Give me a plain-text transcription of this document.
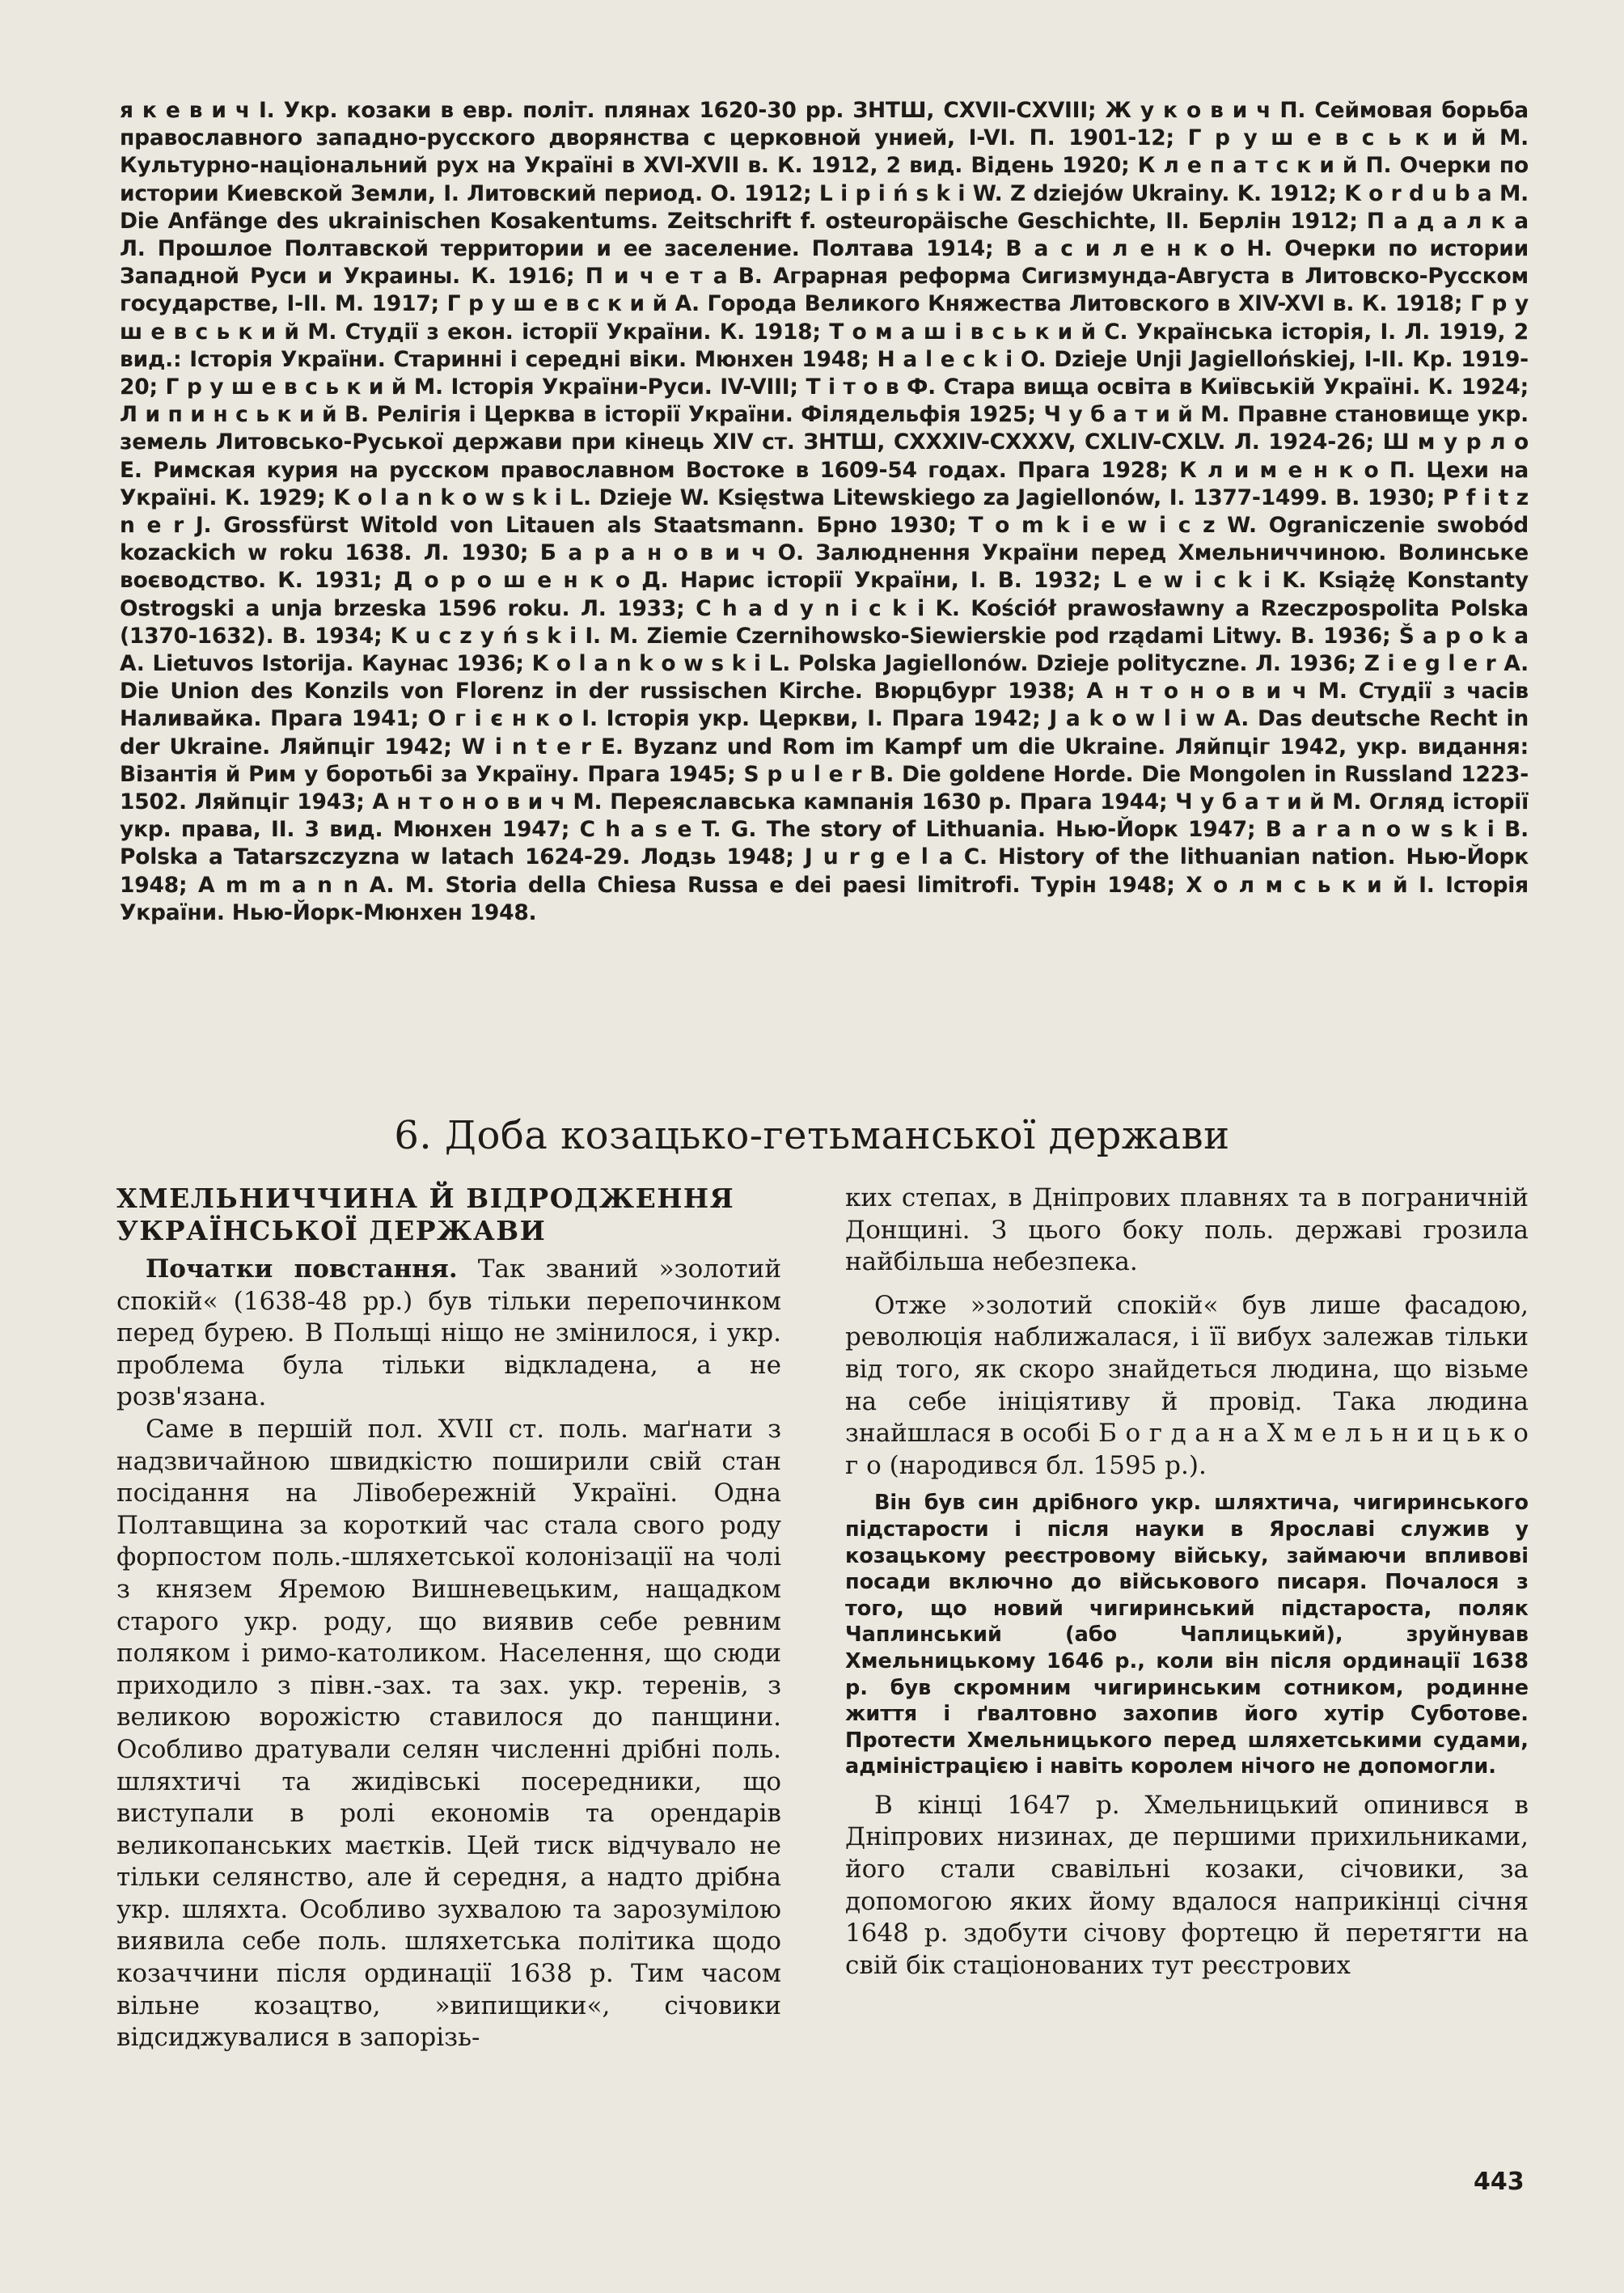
я к е в и ч І. Укр. козаки в евр. політ. плянах 1620-30 рр. ЗНТШ, CXVII-CXVIII; Ж у к о в и ч П. Сеймовая борьба православного западно-русского дворянства с церковной унией, I-VI. П. 1901-12; Г р у ш е в с ь к и й М. Культурно-національний рух на Україні в XVI-XVII в. К. 1912, 2 вид. Відень 1920; К л е п а т с к и й П. Очерки по истории Киевской Земли, I. Литовский период. О. 1912; L i p i ń s k i W. Z dziejów Ukrainy. K. 1912; K o r d u b a M. Die Anfänge des ukrainischen Kosakentums. Zeitschrift f. osteuropäische Geschichte, II. Берлін 1912; П а д а л к а Л. Прошлое Полтавской территории и ее заселение. Полтава 1914; В а с и л е н к о Н. Очерки по истории Западной Руси и Украины. К. 1916; П и ч е т а В. Аграрная реформа Сигизмунда-Августа в Литовско-Русском государстве, I-II. М. 1917; Г р у ш е в с к и й А. Города Великого Княжества Литовского в XIV-XVI в. К. 1918; Г р у ш е в с ь к и й М. Студії з екон. історії України. К. 1918; Т о м а ш і в с ь к и й С. Українська історія, І. Л. 1919, 2 вид.: Історія України. Старинні і середні віки. Мюнхен 1948; H a l e c k i O. Dzieje Unji Jagiellońskiej, I-II. Кр. 1919-20; Г р у ш е в с ь к и й М. Історія України-Руси. IV-VIII; Т і т о в Ф. Стара вища освіта в Київській Україні. К. 1924; Л и п и н с ь к и й В. Релігія і Церква в історії України. Філядельфія 1925; Ч у б а т и й М. Правне становище укр. земель Литовсько-Руської держави при кінець XIV ст. ЗНТШ, CXXXIV-CXXXV, CXLIV-CXLV. Л. 1924-26; Ш м у р л о Е. Римская курия на русском православном Востоке в 1609-54 годах. Прага 1928; К л и м е н к о П. Цехи на Україні. К. 1929; K o l a n k o w s k i L. Dzieje W. Księstwa Litewskiego za Jagiellonów, I. 1377-1499. В. 1930; P f i t z n e r J. Grossfürst Witold von Litauen als Staatsmann. Брно 1930; T o m k i e w i c z W. Ograniczenie swobód kozackich w roku 1638. Л. 1930; Б а р а н о в и ч О. Залюднення України перед Хмельниччиною. Волинське воєводство. К. 1931; Д о р о ш е н к о Д. Нарис історії України, I. В. 1932; L e w i c k i K. Książę Konstanty Ostrogski a unja brzeska 1596 roku. Л. 1933; C h a d y n i c k i K. Kościół prawosławny a Rzeczpospolita Polska (1370-1632). В. 1934; K u c z y ń s k i I. M. Ziemie Czernihowsko-Siewierskie pod rządami Litwy. В. 1936; Š a p o k a A. Lietuvos Istorija. Каунас 1936; K o l a n k o w s k i L. Polska Jagiellonów. Dzieje polityczne. Л. 1936; Z i e g l e r A. Die Union des Konzils von Florenz in der russischen Kirche. Вюрцбург 1938; А н т о н о в и ч М. Студії з часів Наливайка. Прага 1941; О г і є н к о І. Історія укр. Церкви, І. Прага 1942; J a k o w l i w A. Das deutsche Recht in der Ukraine. Ляйпціг 1942; W i n t e r E. Byzanz und Rom im Kampf um die Ukraine. Ляйпціг 1942, укр. видання: Візантія й Рим у боротьбі за Україну. Прага 1945; S p u l e r B. Die goldene Horde. Die Mongolen in Russland 1223-1502. Ляйпціг 1943; А н т о н о в и ч М. Переяславська кампанія 1630 р. Прага 1944; Ч у б а т и й М. Огляд історії укр. права, II. 3 вид. Мюнхен 1947; C h a s e T. G. The story of Lithuania. Нью-Йорк 1947; B a r a n o w s k i B. Polska a Tatarszczyzna w latach 1624-29. Лодзь 1948; J u r g e l a C. History of the lithuanian nation. Нью-Йорк 1948; A m m a n n A. M. Storia della Chiesa Russa e dei paesi limitrofi. Турін 1948; Х о л м с ь к и й І. Історія України. Нью-Йорк-Мюнхен 1948.
6. Доба козацько-гетьманської держави
ХМЕЛЬНИЧЧИНА Й ВІДРОДЖЕННЯ УКРАЇНСЬКОЇ ДЕРЖАВИ

Початки повстання. Так званий »золотий спокій« (1638-48 рр.) був тільки перепочинком перед бурею. В Польщі ніщо не змінилося, і укр. проблема була тільки відкладена, а не розв'язана.

Саме в першій пол. XVII ст. поль. маґнати з надзвичайною швидкістю поширили свій стан посідання на Лівобережній Україні. Одна Полтавщина за короткий час стала свого роду форпостом поль.-шляхетської колонізації на чолі з князем Яремою Вишневецьким, нащадком старого укр. роду, що виявив себе ревним поляком і римо-католиком. Населення, що сюди приходило з півн.-зах. та зах. укр. теренів, з великою ворожістю ставилося до панщини. Особливо дратували селян численні дрібні поль. шляхтичі та жидівські посередники, що виступали в ролі економів та орендарів великопанських маєтків. Цей тиск відчувало не тільки селянство, але й середня, а надто дрібна укр. шляхта. Особливо зухвалою та зарозумілою виявила себе поль. шляхетська політика щодо козаччини після ординації 1638 р. Тим часом вільне козацтво, »випищики«, січовики відсиджувалися в запорізь-

ких степах, в Дніпрових плавнях та в пограничній Донщині. З цього боку поль. державі грозила найбільша небезпека.

Отже »золотий спокій« був лише фасадою, революція наближалася, і її вибух залежав тільки від того, як скоро знайдеться людина, що візьме на себе ініціятиву й провід. Така людина знайшлася в особі Б о г д а н а Х м е л ь н и ц ь к о г о (народився бл. 1595 р.).

Він був син дрібного укр. шляхтича, чигиринського підстарости і після науки в Ярославі служив у козацькому реєстровому війську, займаючи впливові посади включно до військового писаря. Почалося з того, що новий чигиринський підстароста, поляк Чаплинський (або Чаплицький), зруйнував Хмельницькому 1646 р., коли він після ординації 1638 р. був скромним чигиринським сотником, родинне життя і ґвалтовно захопив його хутір Суботове. Протести Хмельницького перед шляхетськими судами, адміністрацією і навіть королем нічого не допомогли.

В кінці 1647 р. Хмельницький опинився в Дніпрових низинах, де першими прихильниками, його стали свавільні козаки, січовики, за допомогою яких йому вдалося наприкінці січня 1648 р. здобути січову фортецю й перетягти на свій бік стаціонованих тут реєстрових

443
